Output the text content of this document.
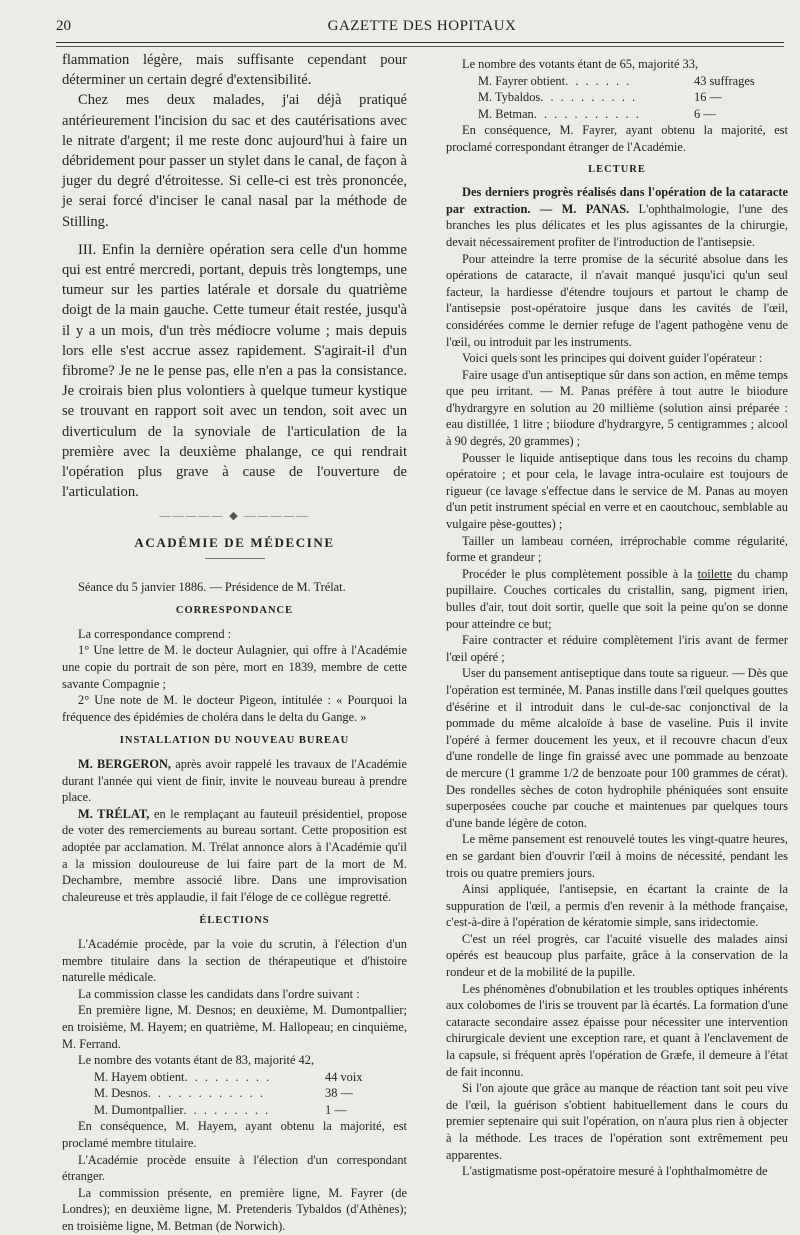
20	GAZETTE DES HOPITAUX

flammation légère, mais suffisante cependant pour déterminer un certain degré d'extensibilité.

Chez mes deux malades, j'ai déjà pratiqué antérieurement l'incision du sac et des cautérisations avec le nitrate d'argent; il me reste donc aujourd'hui à faire un débridement pour passer un stylet dans le canal, de façon à juger du degré d'étroitesse. Si celle-ci est très prononcée, je serai forcé d'inciser le canal nasal par la méthode de Stilling.

III. Enfin la dernière opération sera celle d'un homme qui est entré mercredi, portant, depuis très longtemps, une tumeur sur les parties latérale et dorsale du quatrième doigt de la main gauche. Cette tumeur était restée, jusqu'à il y a un mois, d'un très médiocre volume ; mais depuis lors elle s'est accrue assez rapidement. S'agirait-il d'un fibrome? Je ne le pense pas, elle n'en a pas la consistance. Je croirais bien plus volontiers à quelque tumeur kystique se trouvant en rapport soit avec un tendon, soit avec un diverticulum de la synoviale de l'articulation de la première avec la deuxième phalange, ce qui rendrait l'opération plus grave à cause de l'ouverture de l'articulation.

————— ◆ —————
ACADÉMIE DE MÉDECINE

Séance du 5 janvier 1886. — Présidence de M. Trélat.

CORRESPONDANCE

La correspondance comprend :

1° Une lettre de M. le docteur Aulagnier, qui offre à l'Académie une copie du portrait de son père, mort en 1839, membre de cette savante Compagnie ;

2° Une note de M. le docteur Pigeon, intitulée : « Pourquoi la fréquence des épidémies de choléra dans le delta du Gange. »

INSTALLATION DU NOUVEAU BUREAU

M. BERGERON, après avoir rappelé les travaux de l'Académie durant l'année qui vient de finir, invite le nouveau bureau à prendre place.

M. TRÉLAT, en le remplaçant au fauteuil présidentiel, propose de voter des remerciements au bureau sortant. Cette proposition est adoptée par acclamation. M. Trélat annonce alors à l'Académie qu'il a la mission douloureuse de lui faire part de la mort de M. Dechambre, membre associé libre. Dans une improvisation chaleureuse et très applaudie, il fait l'éloge de ce collègue regretté.

ÉLECTIONS

L'Académie procède, par la voie du scrutin, à l'élection d'un membre titulaire dans la section de thérapeutique et d'histoire naturelle médicale.

La commission classe les candidats dans l'ordre suivant :

En première ligne, M. Desnos; en deuxième, M. Dumontpallier; en troisième, M. Hayem; en quatrième, M. Hallopeau; en cinquième, M. Ferrand.

Le nombre des votants étant de 83, majorité 42,

M. Hayem obtient . . . . . . . . .	44 voix
M. Desnos . . . . . . . . . . . .	38 —
M. Dumontpallier . . . . . . . . .	1 —

En conséquence, M. Hayem, ayant obtenu la majorité, est proclamé membre titulaire.

L'Académie procède ensuite à l'élection d'un correspondant étranger.

La commission présente, en première ligne, M. Fayrer (de Londres); en deuxième ligne, M. Pretenderis Tybaldos (d'Athènes); en troisième ligne, M. Betman (de Norwich).

Le nombre des votants étant de 65, majorité 33,

M. Fayrer obtient . . . . . . .	43 suffrages
M. Tybaldos . . . . . . . . . .	16 —
M. Betman . . . . . . . . . . .	6 —

En conséquence, M. Fayrer, ayant obtenu la majorité, est proclamé correspondant étranger de l'Académie.

LECTURE

Des derniers progrès réalisés dans l'opération de la cataracte par extraction. — M. PANAS. L'ophthalmologie, l'une des branches les plus délicates et les plus agissantes de la chirurgie, devait nécessairement profiter de l'introduction de l'antisepsie.

Pour atteindre la terre promise de la sécurité absolue dans les opérations de cataracte, il n'avait manqué jusqu'ici qu'un seul facteur, la hardiesse d'étendre toujours et partout le champ de l'antisepsie post-opératoire jusque dans les cavités de l'œil, considérées comme le dernier refuge de l'agent pathogène venu de l'œil, ou introduit par les instruments.

Voici quels sont les principes qui doivent guider l'opérateur :

Faire usage d'un antiseptique sûr dans son action, en même temps que peu irritant. — M. Panas préfère à tout autre le biiodure d'hydrargyre en solution au 20 millième (solution ainsi préparée : eau distillée, 1 litre ; biiodure d'hydrargyre, 5 centigrammes ; alcool à 90 degrés, 20 grammes) ;

Pousser le liquide antiseptique dans tous les recoins du champ opératoire ; et pour cela, le lavage intra-oculaire est toujours de rigueur (ce lavage s'effectue dans le service de M. Panas au moyen d'un petit instrument spécial en verre et en caoutchouc, semblable au vulgaire pèse-gouttes) ;

Tailler un lambeau cornéen, irréprochable comme régularité, forme et grandeur ;

Procéder le plus complètement possible à la toilette du champ pupillaire. Couches corticales du cristallin, sang, pigment irien, bulles d'air, tout doit sortir, quelle que soit la peine qu'on se donne pour atteindre ce but;

Faire contracter et réduire complètement l'iris avant de fermer l'œil opéré ;

User du pansement antiseptique dans toute sa rigueur. — Dès que l'opération est terminée, M. Panas instille dans l'œil quelques gouttes d'ésérine et il introduit dans le cul-de-sac conjonctival de la pommade du même alcaloïde à base de vaseline. Puis il invite l'opéré à fermer doucement les yeux, et il recouvre chacun d'eux d'une rondelle de linge fin graissé avec une pommade au benzoate de mercure (1 gramme 1/2 de benzoate pour 100 grammes de cérat). Des rondelles sèches de coton hydrophile phéniquées sont ensuite superposées couche par couche et maintenues par quelques tours d'une bande légère de coton.

Le même pansement est renouvelé toutes les vingt-quatre heures, en se gardant bien d'ouvrir l'œil à moins de nécessité, pendant les trois ou quatre premiers jours.

Ainsi appliquée, l'antisepsie, en écartant la crainte de la suppuration de l'œil, a permis d'en revenir à la méthode française, c'est-à-dire à l'opération de kératomie simple, sans iridectomie.

C'est un réel progrès, car l'acuité visuelle des malades ainsi opérés est beaucoup plus parfaite, grâce à la conservation de la rondeur et de la mobilité de la pupille.

Les phénomènes d'obnubilation et les troubles optiques inhérents aux colobomes de l'iris se trouvent par là écartés. La formation d'une cataracte secondaire assez épaisse pour nécessiter une intervention chirurgicale devient une exception rare, et quant à l'enclavement de la capsule, si fréquent après l'opération de Græfe, il demeure à l'état de fait inconnu.

Si l'on ajoute que grâce au manque de réaction tant soit peu vive de l'œil, la guérison s'obtient habituellement dans le cours du premier septenaire qui suit l'opération, on n'aura plus rien à objecter à la méthode. Les traces de l'opération sont extrêmement peu apparentes.

L'astigmatisme post-opératoire mesuré à l'ophthalmomètre de
